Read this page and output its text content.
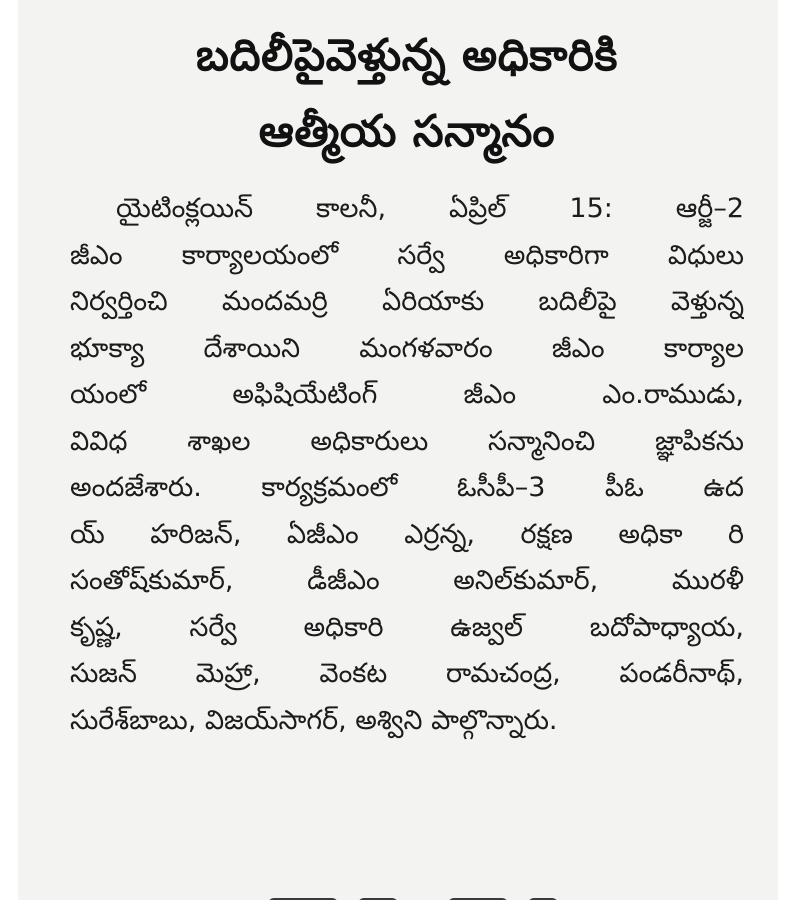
బదిలీపైవెళ్తున్న అధికారికి
ఆత్మీయ సన్మానం

యైటింక్లయిన్ కాలనీ, ఏప్రిల్ 15: ఆర్జీ–2

జీఎం కార్యాలయంలో సర్వే అధికారిగా విధులు

నిర్వర్తించి మందమర్రి ఏరియాకు బదిలీపై వెళ్తున్న

భూక్యా దేశాయిని మంగళవారం జీఎం కార్యాల

యంలో అఫిషియేటింగ్ జీఎం ఎం.రాముడు,

వివిధ శాఖల అధికారులు సన్మానించి జ్ఞాపికను

అందజేశారు. కార్యక్రమంలో ఓసీపీ–3 పీఓ ఉద

య్ హరిజన్, ఏజీఎం ఎర్రన్న, రక్షణ అధికా రి

సంతోష్‌కుమార్, డీజీఎం అనిల్‌కుమార్, మురళీ

కృష్ణ, సర్వే అధికారి ఉజ్వల్ బదోపాధ్యాయ,

సుజన్ మెహ్రా, వెంకట రామచంద్ర, పండరీనాథ్,

సురేశ్‌బాబు, విజయ్‌సాగర్, అశ్విని పాల్గొన్నారు.
